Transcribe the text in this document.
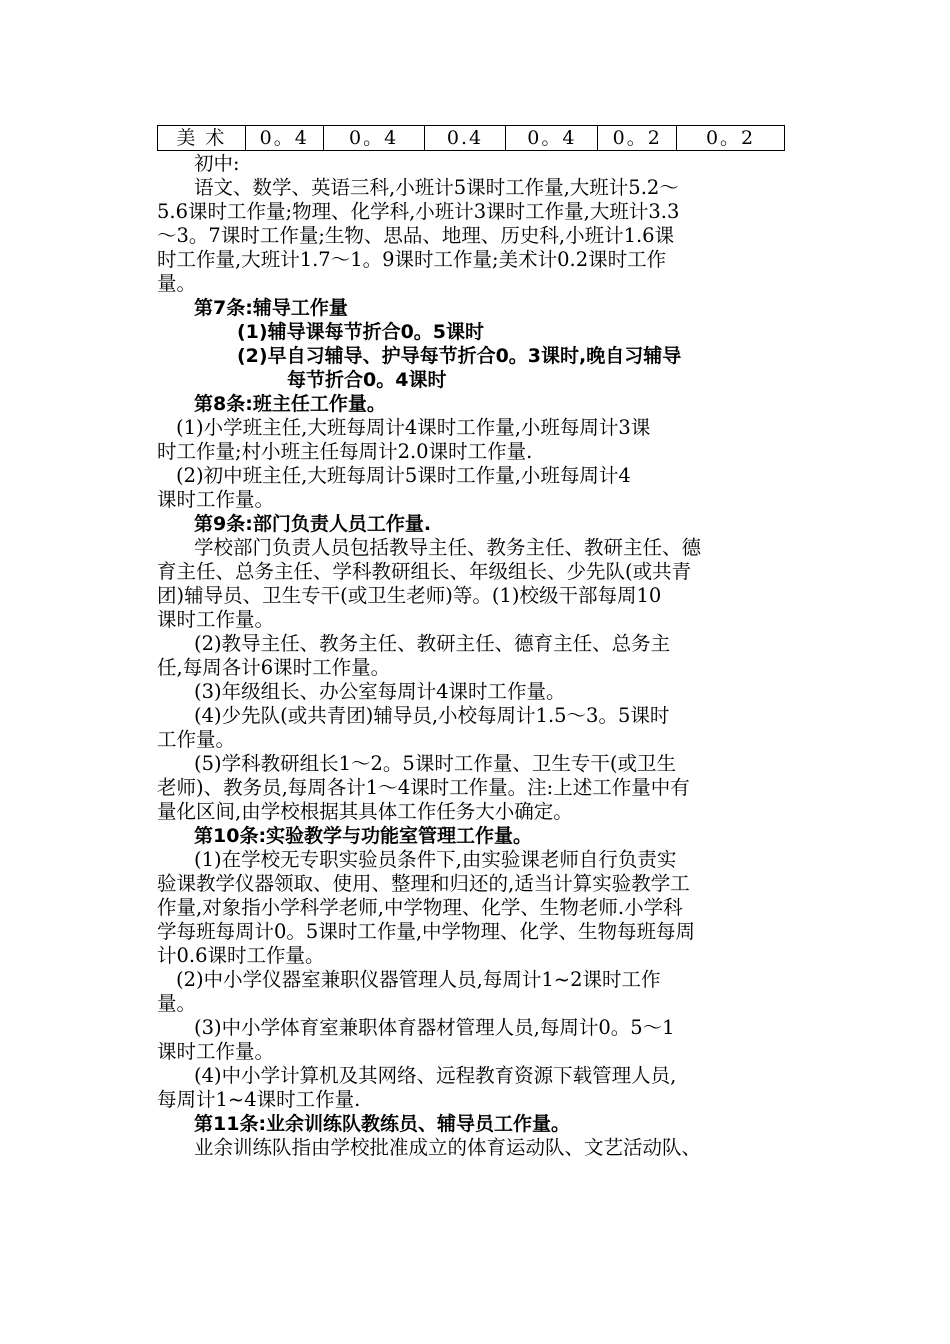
美 术	0。4	0。4	0.4	0。4	0。2	0。2

初中:

语文、数学、英语三科,小班计5课时工作量,大班计5.2～

5.6课时工作量;物理、化学科,小班计3课时工作量,大班计3.3

～3。7课时工作量;生物、思品、地理、历史科,小班计1.6课

时工作量,大班计1.7～1。9课时工作量;美术计0.2课时工作

量。

第7条:辅导工作量

(1)辅导课每节折合0。5课时

(2)早自习辅导、护导每节折合0。3课时,晚自习辅导

每节折合0。4课时

第8条:班主任工作量。

(1)小学班主任,大班每周计4课时工作量,小班每周计3课

时工作量;村小班主任每周计2.0课时工作量.

(2)初中班主任,大班每周计5课时工作量,小班每周计4

课时工作量。

第9条:部门负责人员工作量.

学校部门负责人员包括教导主任、教务主任、教研主任、德

育主任、总务主任、学科教研组长、年级组长、少先队(或共青

团)辅导员、卫生专干(或卫生老师)等。(1)校级干部每周10

课时工作量。

(2)教导主任、教务主任、教研主任、德育主任、总务主

任,每周各计6课时工作量。

(3)年级组长、办公室每周计4课时工作量。

(4)少先队(或共青团)辅导员,小校每周计1.5～3。5课时

工作量。

(5)学科教研组长1～2。5课时工作量、卫生专干(或卫生

老师)、教务员,每周各计1～4课时工作量。注:上述工作量中有

量化区间,由学校根据其具体工作任务大小确定。

第10条:实验教学与功能室管理工作量。

(1)在学校无专职实验员条件下,由实验课老师自行负责实

验课教学仪器领取、使用、整理和归还的,适当计算实验教学工

作量,对象指小学科学老师,中学物理、化学、生物老师.小学科

学每班每周计0。5课时工作量,中学物理、化学、生物每班每周

计0.6课时工作量。

(2)中小学仪器室兼职仪器管理人员,每周计1~2课时工作

量。

(3)中小学体育室兼职体育器材管理人员,每周计0。5～1

课时工作量。

(4)中小学计算机及其网络、远程教育资源下载管理人员,

每周计1~4课时工作量.

第11条:业余训练队教练员、辅导员工作量。

业余训练队指由学校批准成立的体育运动队、文艺活动队、
